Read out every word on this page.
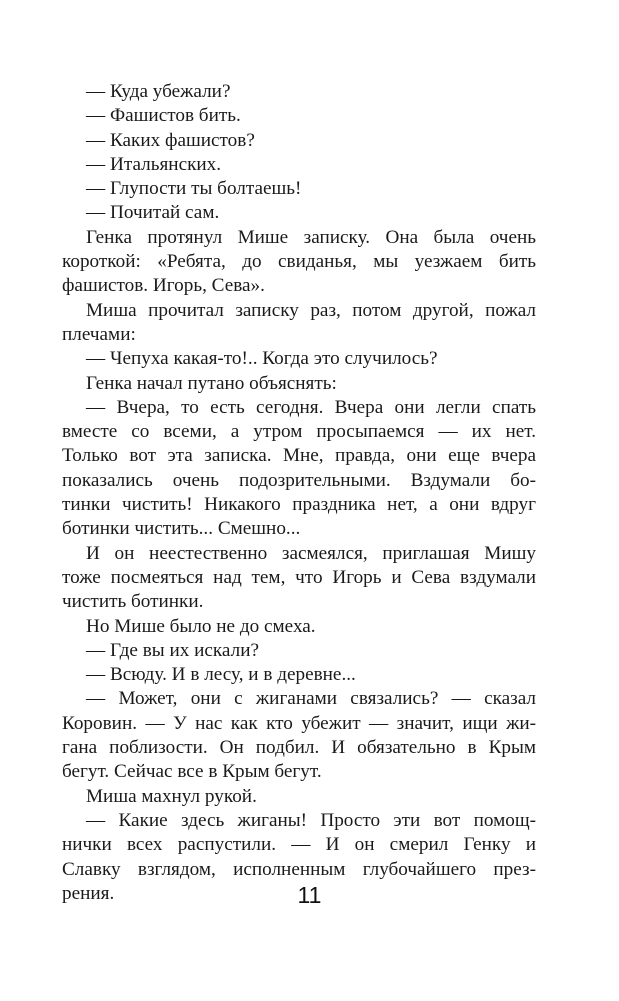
— Куда убежали?
— Фашистов бить.
— Каких фашистов?
— Итальянских.
— Глупости ты болтаешь!
— Почитай сам.
Генка протянул Мише записку. Она была очень
короткой: «Ребята, до свиданья, мы уезжаем бить
фашистов. Игорь, Сева».
Миша прочитал записку раз, потом другой, пожал
плечами:
— Чепуха какая-то!.. Когда это случилось?
Генка начал путано объяснять:
— Вчера, то есть сегодня. Вчера они легли спать
вместе со всеми, а утром просыпаемся — их нет.
Только вот эта записка. Мне, правда, они еще вчера
показались очень подозрительными. Вздумали бо-
тинки чистить! Никакого праздника нет, а они вдруг
ботинки чистить... Смешно...
И он неестественно засмеялся, приглашая Мишу
тоже посмеяться над тем, что Игорь и Сева вздумали
чистить ботинки.
Но Мише было не до смеха.
— Где вы их искали?
— Всюду. И в лесу, и в деревне...
— Может, они с жиганами связались? — сказал
Коровин. — У нас как кто убежит — значит, ищи жи-
гана поблизости. Он подбил. И обязательно в Крым
бегут. Сейчас все в Крым бегут.
Миша махнул рукой.
— Какие здесь жиганы! Просто эти вот помощ-
нички всех распустили. — И он смерил Генку и
Славку взглядом, исполненным глубочайшего през-
рения.	11
